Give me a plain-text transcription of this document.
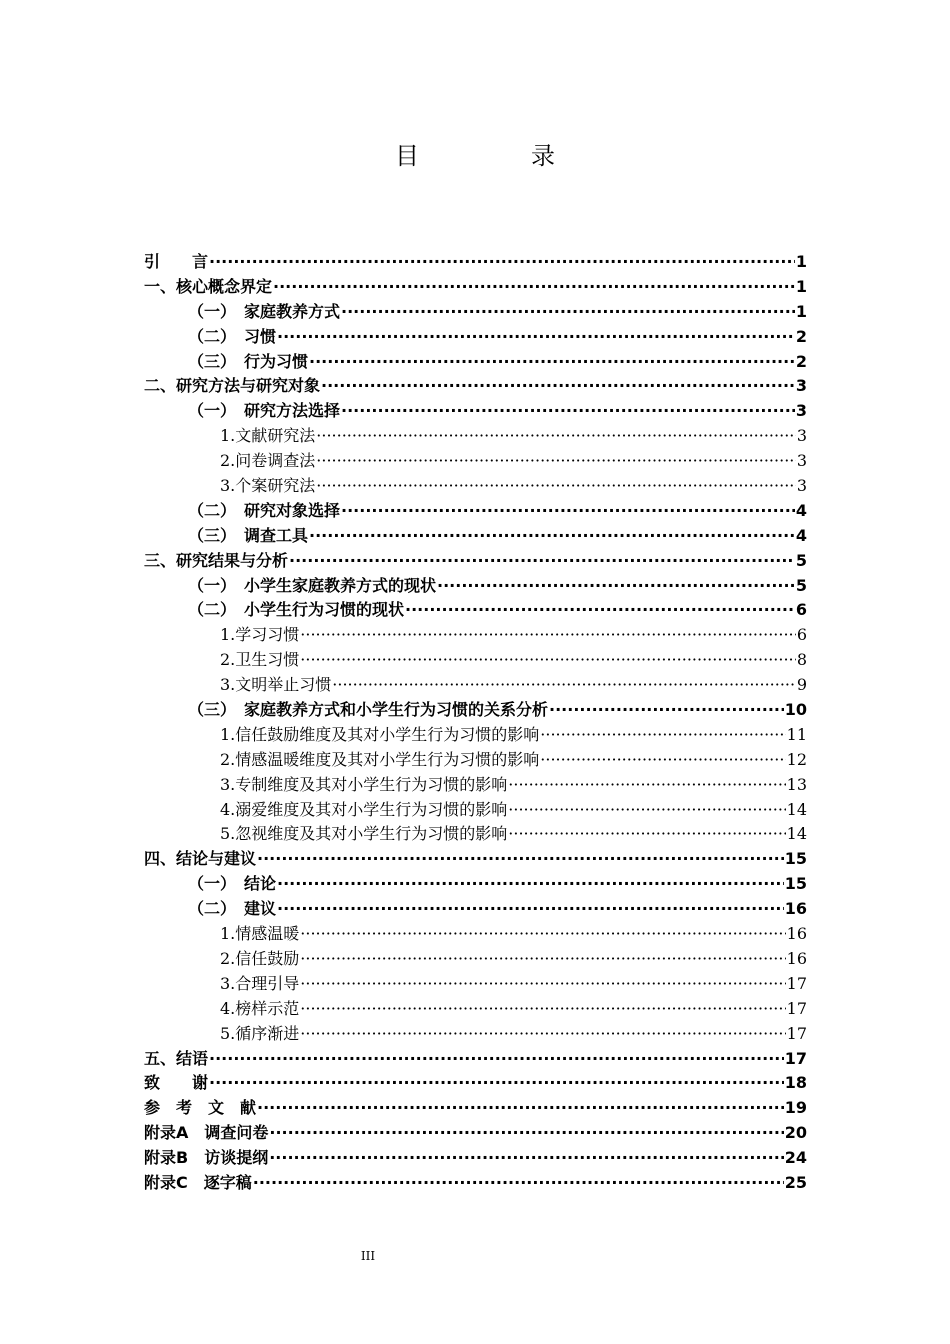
目　录
引　　言 ·····	1
一、核心概念界定 ·····	1
（一）　家庭教养方式 ·····	1
（二）　习惯 ·····	2
（三）　行为习惯 ·····	2
二、研究方法与研究对象 ·····	3
（一）　研究方法选择 ·····	3
1.文献研究法 ·····	3
2.问卷调查法 ·····	3
3.个案研究法 ·····	3
（二）　研究对象选择 ·····	4
（三）　调查工具 ·····	4
三、研究结果与分析 ·····	5
（一）　小学生家庭教养方式的现状 ·····	5
（二）　小学生行为习惯的现状 ·····	6
1.学习习惯 ·····	6
2.卫生习惯 ·····	8
3.文明举止习惯 ·····	9
（三）　家庭教养方式和小学生行为习惯的关系分析 ·····	10
1.信任鼓励维度及其对小学生行为习惯的影响 ·····	11
2.情感温暖维度及其对小学生行为习惯的影响 ·····	12
3.专制维度及其对小学生行为习惯的影响 ·····	13
4.溺爱维度及其对小学生行为习惯的影响 ·····	14
5.忽视维度及其对小学生行为习惯的影响 ·····	14
四、结论与建议 ·····	15
（一）　结论 ·····	15
（二）　建议 ·····	16
1.情感温暖 ·····	16
2.信任鼓励 ·····	16
3.合理引导 ·····	17
4.榜样示范 ·····	17
5.循序渐进 ·····	17
五、结语 ·····	17
致　　谢 ·····	18
参　考　文　献 ·····	19
附录A　调查问卷 ·····	20
附录B　访谈提纲 ·····	24
附录C　逐字稿 ·····	25
III
